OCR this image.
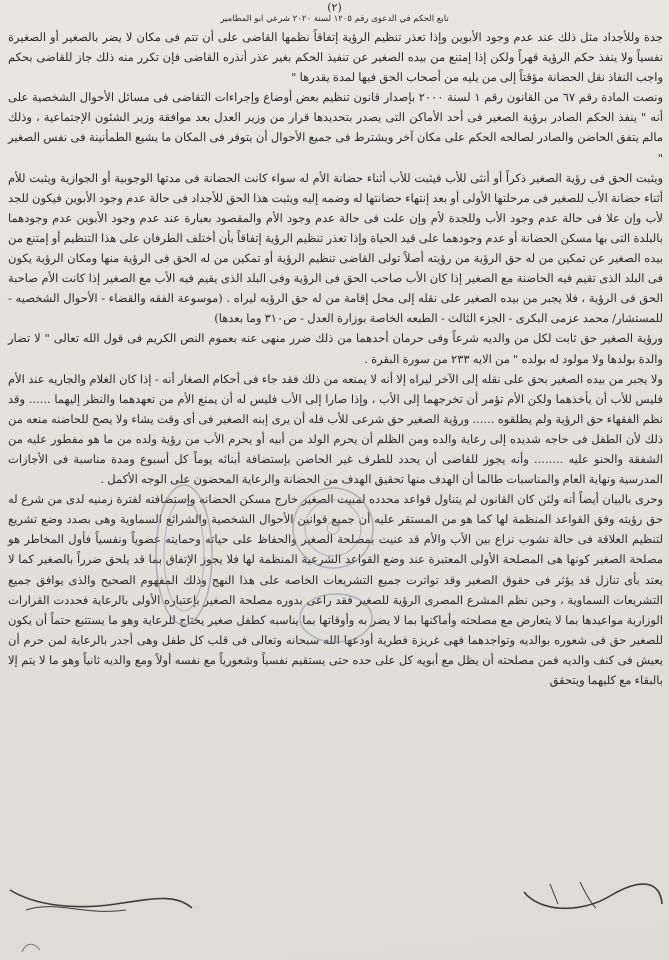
(٢)
تابع الحكم في الدعوى رقم ١٢٠٥ لسنة ٢٠٢٠ شرعي ابو المطامير

جدة وللأجداد مثل ذلك عند عدم وجود الأبوين وإذا تعذر تنظيم الرؤية إتفاقاً نظمها القاضى على أن تتم فى مكان لا يضر بالصغير أو الصغيرة نفسياً ولا ينفذ حكم الرؤية قهراً ولكن إذا إمتنع من بيده الصغير عن تنفيذ الحكم بغير عذر أنذره القاضى فإن تكرر منه ذلك جاز للقاضى بحكم واجب النفاذ نقل الحضانة مؤقتاً إلى من يليه من أصحاب الحق فيها لمدة يقدرها "

ونصت المادة رقم ٦٧ من القانون رقم ١ لسنة ٢٠٠٠ بإصدار قانون تنظيم بعض أوضاع وإجراءات التقاضى فى مسائل الأحوال الشخصية على أنه " ينفذ الحكم الصادر برؤية الصغير فى أحد الأماكن التى يصدر بتحديدها قرار من وزير العدل بعد موافقة وزير الشئون الإجتماعية ، وذلك مالم يتفق الحاضن والصادر لصالحه الحكم على مكان آخر ويشترط فى جميع الأحوال أن يتوفر فى المكان ما يشيع الطمأنينة فى نفس الصغير "

ويثبت الحق فى رؤية الصغير ذكراً أو أنثى للأب فيثبت للأب أثناء حضانة الأم له سواء كانت الحضانة فى مدتها الوجوبية أو الجوازية ويثبت للأم أثناء حضانة الأب للصغير فى مرحلتها الأولى أو بعد إنتهاء حضانتها له وضمه إليه ويثبت هذا الحق للأجداد فى حالة عدم وجود الأبوين فيكون للجد لأب وإن علا فى حالة عدم وجود الأب وللجدة لأم وإن علت فى حالة عدم وجود الأم والمقصود بعبارة عند عدم وجود الأبوين عدم وجودهما بالبلدة التى بها مسكن الحضانة أو عدم وجودهما على قيد الحياة وإذا تعذر تنظيم الرؤية إتفاقاً بأن أختلف الطرفان على هذا التنظيم أو إمتنع من بيده الصغير عن تمكين من له حق الرؤية من رؤيته أصلاً تولى القاضى تنظيم الرؤية أو تمكين من له الحق فى الرؤية منها ومكان الرؤية يكون فى البلد الذى تقيم فيه الحاضنة مع الصغير إذا كان الأب صاحب الحق فى الرؤية وفى البلد الذى يقيم فيه الأب مع الصغير إذا كانت الأم صاحبة الحق فى الرؤية ، فلا يجبر من بيده الصغير على نقله إلى محل إقامة من له حق الرؤيه ليراه . (موسوعة الفقه والقضاء - الأحوال الشخصيه - للمستشار/ محمد عزمى البكرى - الجزء الثالث - الطبعه الخاصة بوزارة العدل - ص٣١٠ وما بعدها)

ورؤية الصغير حق ثابت لكل من والديه شرعاً وفى حرمان أحدهما من ذلك ضرر منهى عنه بعموم النص الكريم فى قول الله تعالى " لا تضار والدة بولدها ولا مولود له بولده " من الايه ٢٣٣ من سورة البقرة .

ولا يجبر من بيده الصغير بحق على نقله إلى الآخر ليراه إلا أنه لا يمنعه من ذلك فقد جاء فى أحكام الصغار أنه - إذا كان الغلام والجاريه عند الأم فليس للأب أن يأخذهما ولكن الأم تؤمر أن تخرجهما إلى الأب ، وإذا صارا إلى الأب فليس له أن يمنع الأم من تعهدهما والنظر إليهما ...... وقد نظم الفقهاء حق الرؤية ولم يطلقوه ...... ورؤية الصغير حق شرعى للأب فله أن يرى إبنه الصغير فى أى وقت يشاء ولا يصح للحاضنه منعه من ذلك لأن الطفل فى حاجه شديده إلى رعاية والده ومن الظلم أن يحرم الولد من أبيه أو يحرم الأب من رؤية ولده من ما هو مفطور عليه من الشفقة والحنو عليه ........ وأنه يجوز للقاضى أن يحدد للطرف غير الحاضن بإستضافة أبنائه يوماً كل أسبوع ومدة مناسبة فى الأجازات المدرسية ونهاية العام والمناسبات طالما أن الهدف منها تحقيق الهدف من الحضانة والرعاية المحضون على الوجه الأكمل .

وحرى بالبيان أيضاً أنه ولئن كان القانون لم يتناول قواعد محدده لمبيت الصغير خارج مسكن الحضانه وإستضافته لفترة زمنيه لدى من شرع له حق رؤيته وفق القواعد المنظمة لها كما هو من المستقر عليه أن جميع قوانين الأحوال الشخصية والشرائع السماوية وهى بصدد وضع تشريع لتنظيم العلاقة فى حالة نشوب نزاع بين الأب والأم قد عنيت بمصلحة الصغير والحفاظ على حياته وحمايته عضوياً ونفسياً فأول المخاطر هو مصلحة الصغير كونها هى المصلحة الأولى المعتبرة عند وضع القواعد الشرعية المنظمة لها فلا يجوز الإتفاق بما قد يلحق ضرراً بالصغير كما لا يعتد بأى تنازل قد يؤثر فى حقوق الصغير وقد تواترت جميع التشريعات الخاصه على هذا النهج وذلك المفهوم الصحيح والذى يوافق جميع التشريعات السماوية ، وحين نظم المشرع المصرى الرؤية للصغير فقد راعى بدوره مصلحة الصغير بإعتباره الأولى بالرعاية فحددت القرارات الوزارية مواعيدها بما لا يتعارض مع مصلحته وأماكنها بما لا يضر به وأوقاتها بما يناسبه كطفل صغير يحتاج للرعاية وهو ما يستتبع حتماً أن يكون للصغير حق فى شعوره بوالديه وتواجدهما فهى غريزة فطرية أودعها الله سبحانه وتعالى فى قلب كل طفل وهى أجدر بالرعاية لمن حرم أن يعيش فى كنف والديه فمن مصلحته أن يظل مع أبويه كل على حده حتى يستقيم نفسياً وشعورياً مع نفسه أولاً ومع والديه ثانياً وهو ما لا يتم إلا بالبقاء مع كليهما ويتحقق
